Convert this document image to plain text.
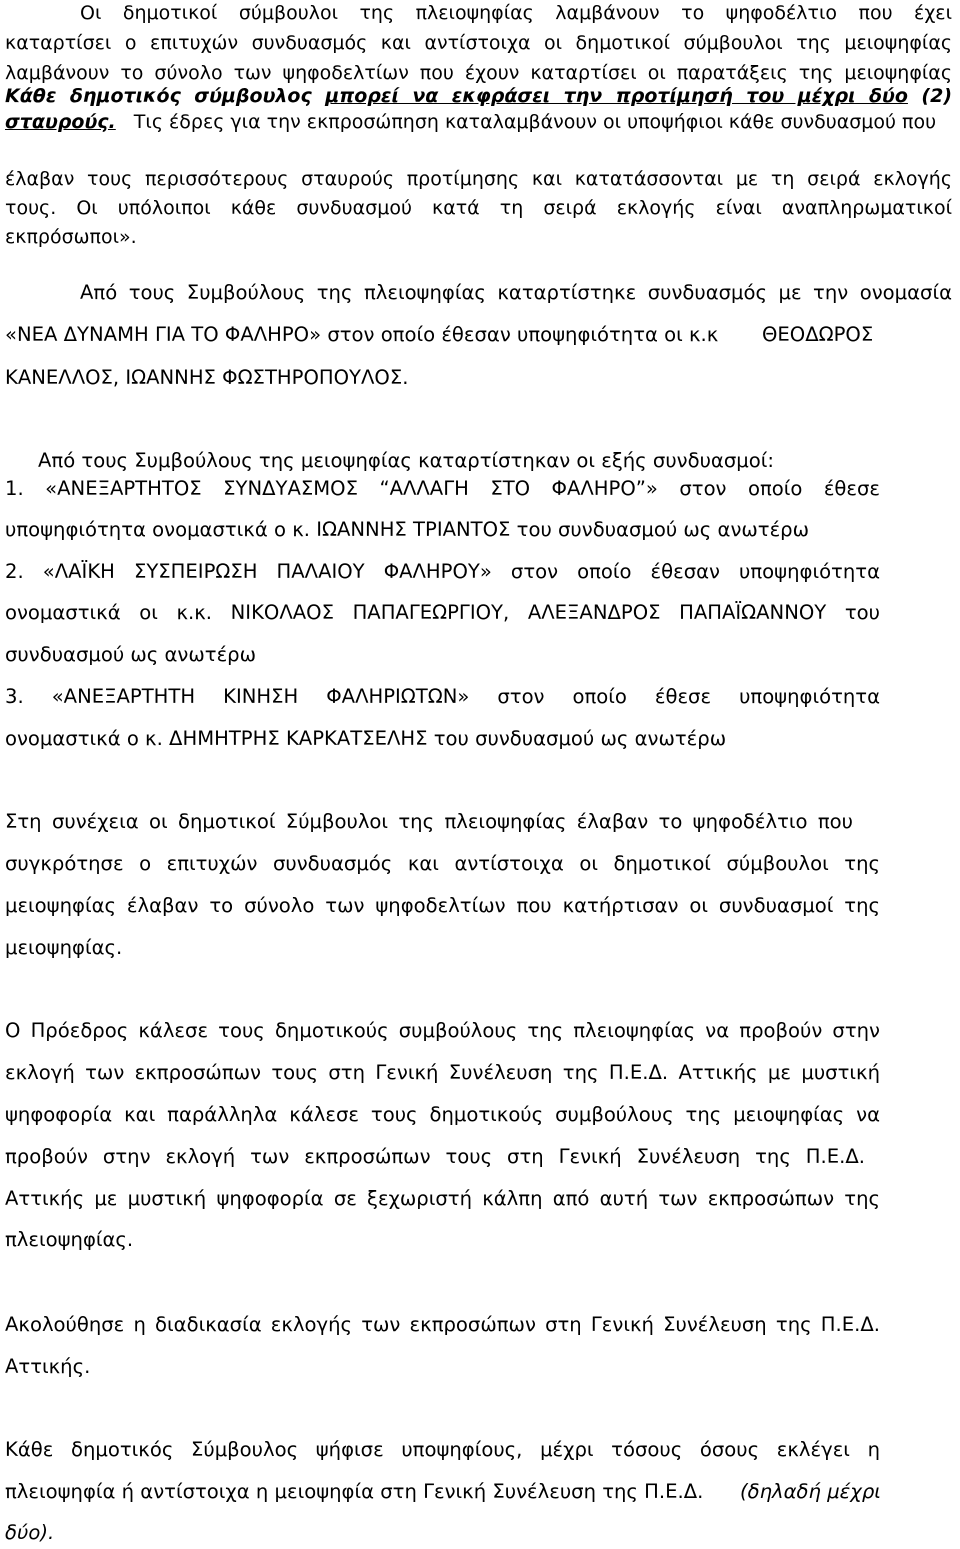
Οι δημοτικοί σύμβουλοι της πλειοψηφίας λαμβάνουν το ψηφοδέλτιο που έχει
καταρτίσει ο επιτυχών συνδυασμός και αντίστοιχα οι δημοτικοί σύμβουλοι της μειοψηφίας
λαμβάνουν το σύνολο των ψηφοδελτίων που έχουν καταρτίσει οι παρατάξεις της μειοψηφίας
Κάθε δημοτικός σύμβουλος μπορεί να εκφράσει την προτίμησή του μέχρι δύο (2)
σταυρούς. Τις έδρες για την εκπροσώπηση καταλαμβάνουν οι υποψήφιοι κάθε συνδυασμού που
έλαβαν τους περισσότερους σταυρούς προτίμησης και κατατάσσονται με τη σειρά εκλογής
τους. Οι υπόλοιποι κάθε συνδυασμού κατά τη σειρά εκλογής είναι αναπληρωματικοί
εκπρόσωποι».
Από τους Συμβούλους της πλειοψηφίας καταρτίστηκε συνδυασμός με την ονομασία
«ΝΕΑ ΔΥΝΑΜΗ ΓΙΑ ΤΟ ΦΑΛΗΡΟ» στον οποίο έθεσαν υποψηφιότητα οι κ.κ ΘΕΟΔΩΡΟΣ
ΚΑΝΕΛΛΟΣ, ΙΩΑΝΝΗΣ ΦΩΣΤΗΡΟΠΟΥΛΟΣ.
Από τους Συμβούλους της μειοψηφίας καταρτίστηκαν οι εξής συνδυασμοί:
1. «ΑΝΕΞΑΡΤΗΤΟΣ ΣΥΝΔΥΑΣΜΟΣ “ΑΛΛΑΓΗ ΣΤΟ ΦΑΛΗΡΟ”» στον οποίο έθεσε
υποψηφιότητα ονομαστικά ο κ. ΙΩΑΝΝΗΣ ΤΡΙΑΝΤΟΣ του συνδυασμού ως ανωτέρω
2. «ΛΑΪΚΗ ΣΥΣΠΕΙΡΩΣΗ ΠΑΛΑΙΟΥ ΦΑΛΗΡΟΥ» στον οποίο έθεσαν υποψηφιότητα
ονομαστικά οι κ.κ. ΝΙΚΟΛΑΟΣ ΠΑΠΑΓΕΩΡΓΙΟΥ, ΑΛΕΞΑΝΔΡΟΣ ΠΑΠΑΪΩΑΝΝΟΥ του
συνδυασμού ως ανωτέρω
3. «ΑΝΕΞΑΡΤΗΤΗ ΚΙΝΗΣΗ ΦΑΛΗΡΙΩΤΩΝ» στον οποίο έθεσε υποψηφιότητα
ονομαστικά ο κ. ΔΗΜΗΤΡΗΣ ΚΑΡΚΑΤΣΕΛΗΣ του συνδυασμού ως ανωτέρω
Στη συνέχεια οι δημοτικοί Σύμβουλοι της πλειοψηφίας έλαβαν το ψηφοδέλτιο που
συγκρότησε ο επιτυχών συνδυασμός και αντίστοιχα οι δημοτικοί σύμβουλοι της
μειοψηφίας έλαβαν το σύνολο των ψηφοδελτίων που κατήρτισαν οι συνδυασμοί της
μειοψηφίας.
Ο Πρόεδρος κάλεσε τους δημοτικούς συμβούλους της πλειοψηφίας να προβούν στην
εκλογή των εκπροσώπων τους στη Γενική Συνέλευση της Π.Ε.Δ. Αττικής με μυστική
ψηφοφορία και παράλληλα κάλεσε τους δημοτικούς συμβούλους της μειοψηφίας να
προβούν στην εκλογή των εκπροσώπων τους στη Γενική Συνέλευση της Π.Ε.Δ.
Αττικής με μυστική ψηφοφορία σε ξεχωριστή κάλπη από αυτή των εκπροσώπων της
πλειοψηφίας.
Ακολούθησε η διαδικασία εκλογής των εκπροσώπων στη Γενική Συνέλευση της Π.Ε.Δ.
Αττικής.
Κάθε δημοτικός Σύμβουλος ψήφισε υποψηφίους, μέχρι τόσους όσους εκλέγει η
πλειοψηφία ή αντίστοιχα η μειοψηφία στη Γενική Συνέλευση της Π.Ε.Δ. (δηλαδή μέχρι
δύο).
